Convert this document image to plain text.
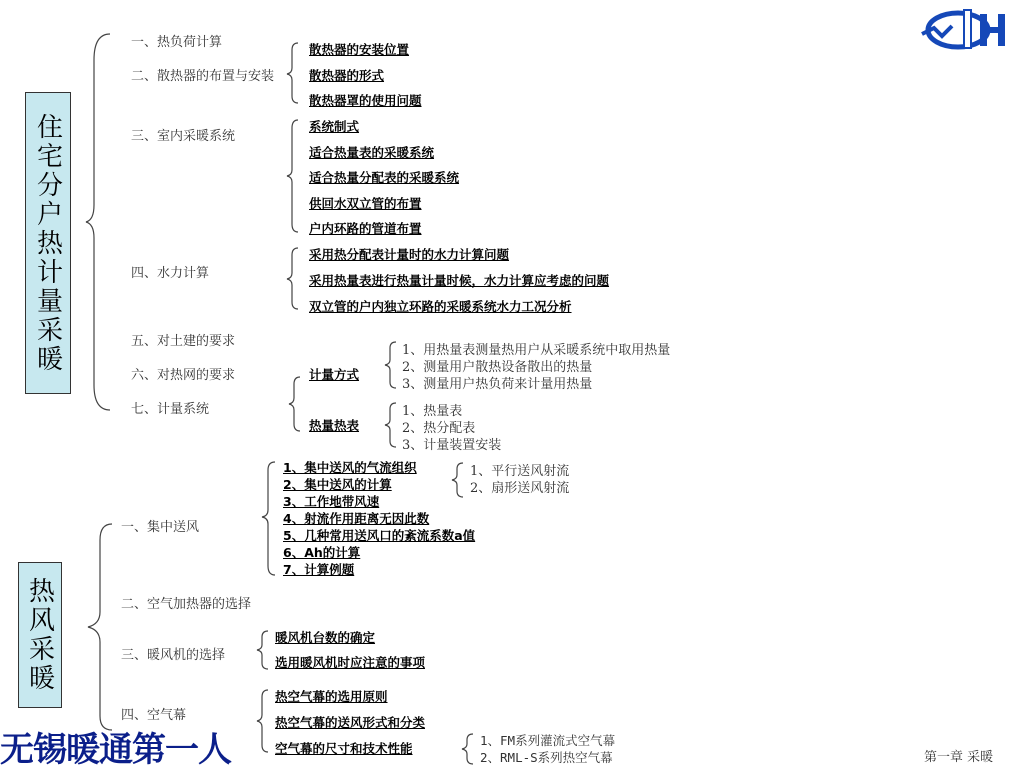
住宅分户热计量采暖
一、热负荷计算
二、散热器的布置与安装
三、室内采暖系统
四、水力计算
五、对土建的要求
六、对热网的要求
七、计量系统
散热器的安装位置
散热器的形式
散热器罩的使用问题
系统制式
适合热量表的采暖系统
适合热量分配表的采暖系统
供回水双立管的布置
户内环路的管道布置
采用热分配表计量时的水力计算问题
采用热量表进行热量计量时候，水力计算应考虑的问题
双立管的户内独立环路的采暖系统水力工况分析
计量方式
热量热表
1、用热量表测量热用户从采暖系统中取用热量
2、测量用户散热设备散出的热量
3、测量用户热负荷来计量用热量
1、热量表
2、热分配表
3、计量装置安装
热风采暖
一、集中送风
二、空气加热器的选择
三、暖风机的选择
四、空气幕
1、集中送风的气流组织
2、集中送风的计算
3、工作地带风速
4、射流作用距离无因此数
5、几种常用送风口的紊流系数a值
6、Ah的计算
7、计算例题
1、平行送风射流
2、扇形送风射流
暖风机台数的确定
选用暖风机时应注意的事项
热空气幕的选用原则
热空气幕的送风形式和分类
空气幕的尺寸和技术性能
1、FM系列灌流式空气幕
2、RML-S系列热空气幕
无锡暖通第一人	第一章 采暖
